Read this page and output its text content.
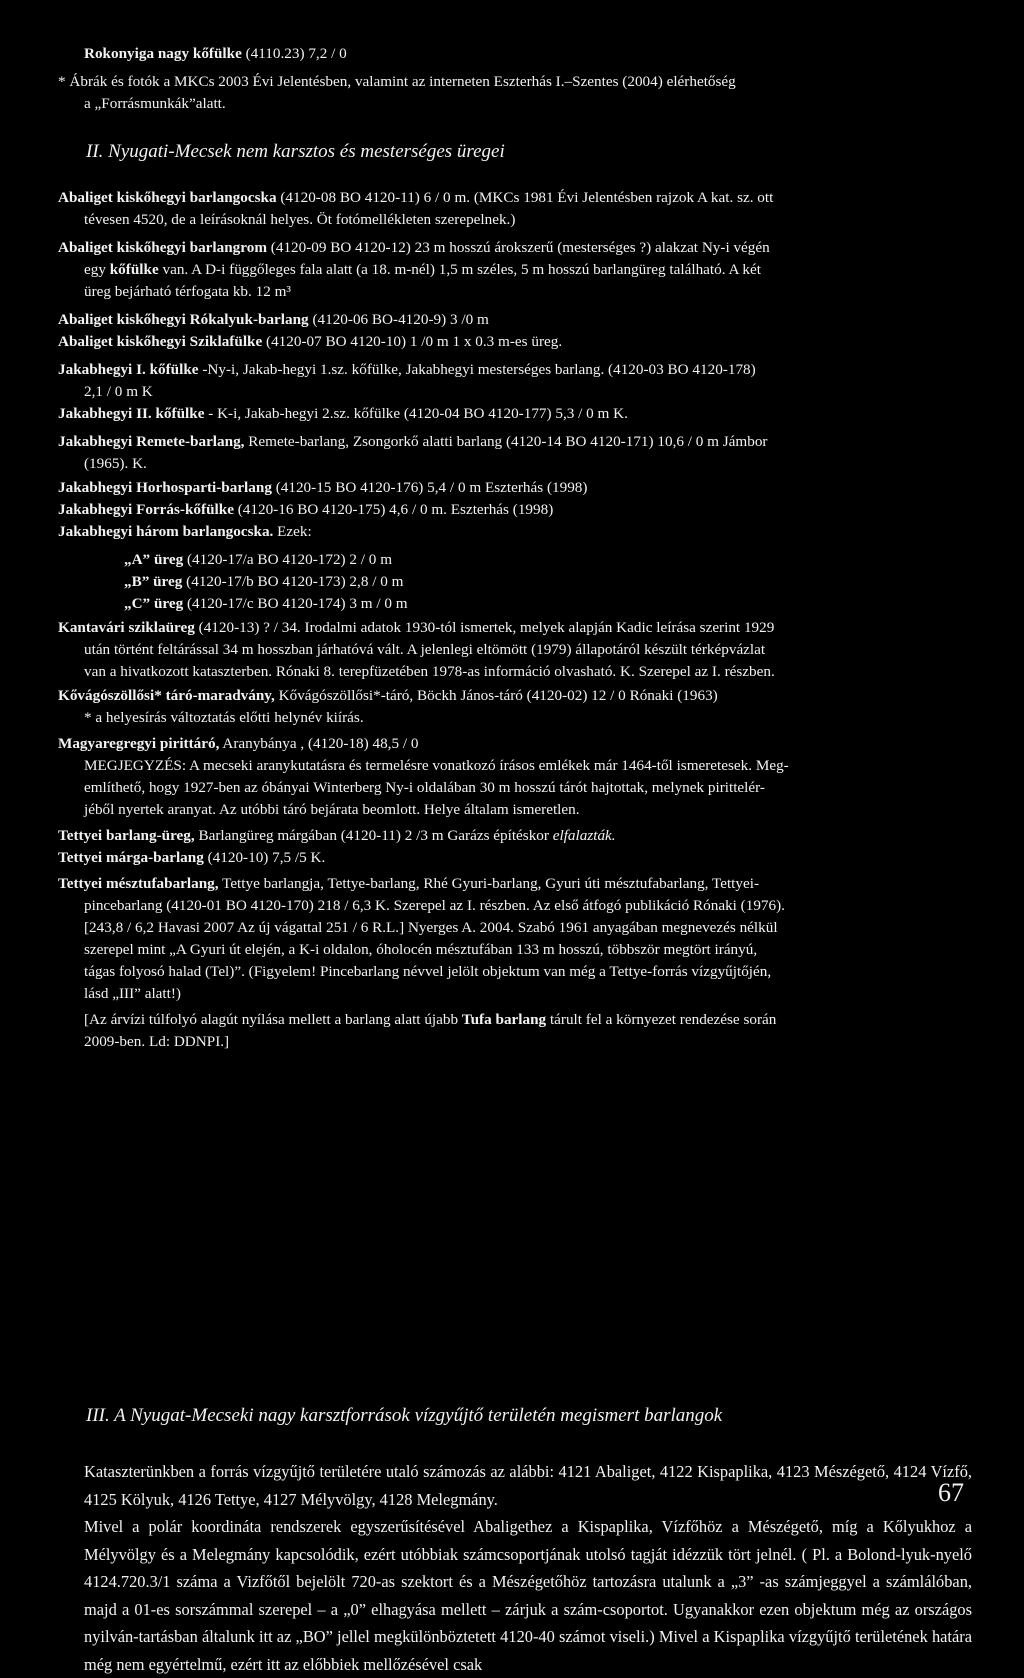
Rokonyiga nagy kőfülke (4110.23) 7,2 / 0
* Ábrák és fotók a MKCs 2003 Évi Jelentésben, valamint az interneten Eszterhás I.–Szentes (2004) elérhetőség
a „Forrásmunkák”alatt.
II. Nyugati-Mecsek nem karsztos és mesterséges üregei
Abaliget kiskőhegyi barlangocska (4120-08 BO 4120-11) 6 / 0 m. (MKCs 1981 Évi Jelentésben rajzok A kat. sz. ott
tévesen 4520, de a leírásoknál helyes. Öt fotómellékleten szerepelnek.)
Abaliget kiskőhegyi barlangrom (4120-09 BO 4120-12) 23 m hosszú árokszerű (mesterséges ?) alakzat Ny-i végén
egy kőfülke van. A D-i függőleges fala alatt (a 18. m-nél) 1,5 m széles, 5 m hosszú barlangüreg található. A két
üreg bejárható térfogata kb. 12 m³
Abaliget kiskőhegyi Rókalyuk-barlang (4120-06 BO-4120-9) 3 /0 m
Abaliget kiskőhegyi Sziklafülke (4120-07 BO 4120-10) 1 /0 m 1 x 0.3 m-es üreg.
Jakabhegyi I. kőfülke -Ny-i, Jakab-hegyi 1.sz. kőfülke, Jakabhegyi mesterséges barlang. (4120-03 BO 4120-178)
2,1 / 0 m K
Jakabhegyi II. kőfülke - K-i, Jakab-hegyi 2.sz. kőfülke (4120-04 BO 4120-177) 5,3 / 0 m K.
Jakabhegyi Remete-barlang, Remete-barlang, Zsongorkő alatti barlang (4120-14 BO 4120-171) 10,6 / 0 m Jámbor
(1965). K.
Jakabhegyi Horhosparti-barlang (4120-15 BO 4120-176) 5,4 / 0 m Eszterhás (1998)
Jakabhegyi Forrás-kőfülke (4120-16 BO 4120-175) 4,6 / 0 m. Eszterhás (1998)
Jakabhegyi három barlangocska. Ezek:
„A” üreg (4120-17/a BO 4120-172) 2 / 0 m
„B” üreg (4120-17/b BO 4120-173) 2,8 / 0 m
„C” üreg (4120-17/c BO 4120-174) 3 m / 0 m
Kantavári sziklaüreg (4120-13) ? / 34. Irodalmi adatok 1930-tól ismertek, melyek alapján Kadic leírása szerint 1929
után történt feltárással 34 m hosszban járhatóvá vált. A jelenlegi eltömött (1979) állapotáról készült térképvázlat
van a hivatkozott kataszterben. Rónaki 8. terepfüzetében 1978-as információ olvasható. K. Szerepel az I. részben.
Kővágószöllősi* táró-maradvány, Kővágószöllősi*-táró, Böckh János-táró (4120-02) 12 / 0 Rónaki (1963)
* a helyesírás változtatás előtti helynév kiírás.
Magyaregregyi pirittáró, Aranybánya , (4120-18) 48,5 / 0
MEGJEGYZÉS: A mecseki aranykutatásra és termelésre vonatkozó írásos emlékek már 1464-től ismeretesek. Meg-
említhető, hogy 1927-ben az óbányai Winterberg Ny-i oldalában 30 m hosszú tárót hajtottak, melynek pirittelér-
jéből nyertek aranyat. Az utóbbi táró bejárata beomlott. Helye általam ismeretlen.
Tettyei barlang-üreg, Barlangüreg márgában (4120-11) 2 /3 m Garázs építéskor elfalazták.
Tettyei márga-barlang (4120-10) 7,5 /5 K.
Tettyei mésztufabarlang, Tettye barlangja, Tettye-barlang, Rhé Gyuri-barlang, Gyuri úti mésztufabarlang, Tettyei-
pincebarlang (4120-01 BO 4120-170) 218 / 6,3 K. Szerepel az I. részben. Az első átfogó publikáció Rónaki (1976).
[243,8 / 6,2 Havasi 2007 Az új vágattal 251 / 6 R.L.] Nyerges A. 2004. Szabó 1961 anyagában megnevezés nélkül
szerepel mint „A Gyuri út elején, a K-i oldalon, óholocén mésztufában 133 m hosszú, többször megtört irányú,
tágas folyosó halad (Tel)”. (Figyelem! Pincebarlang névvel jelölt objektum van még a Tettye-forrás vízgyűjtőjén,
lásd „III” alatt!)
[Az árvízi túlfolyó alagút nyílása mellett a barlang alatt újabb Tufa barlang tárult fel a környezet rendezése során
2009-ben. Ld: DDNPI.]
III. A Nyugat-Mecseki nagy karsztforrások vízgyűjtő területén megismert barlangok

Kataszterünkben a forrás vízgyűjtő területére utaló számozás az alábbi: 4121 Abaliget, 4122 Kispaplika, 4123 Mészégető, 4124 Vízfő, 4125 Kölyuk, 4126 Tettye, 4127 Mélyvölgy, 4128 Melegmány.

Mivel a polár koordináta rendszerek egyszerűsítésével Abaligethez a Kispaplika, Vízfőhöz a Mészégető, míg a Kőlyukhoz a Mélyvölgy és a Melegmány kapcsolódik, ezért utóbbiak számcsoportjának utolsó tagját idézzük tört jelnél. ( Pl. a Bolond-lyuk-nyelő 4124.720.3/1 száma a Vizfőtől bejelölt 720-as szektort és a Mészégetőhöz tartozásra utalunk a „3” -as számjeggyel a számlálóban, majd a 01-es sorszámmal szerepel – a „0” elhagyása mellett – zárjuk a szám-csoportot. Ugyanakkor ezen objektum még az országos nyilván-tartásban általunk itt az „BO” jellel megkülönböztetett 4120-40 számot viseli.) Mivel a Kispaplika vízgyűjtő területének határa még nem egyértelmű, ezért itt az előbbiek mellőzésével csak

67
